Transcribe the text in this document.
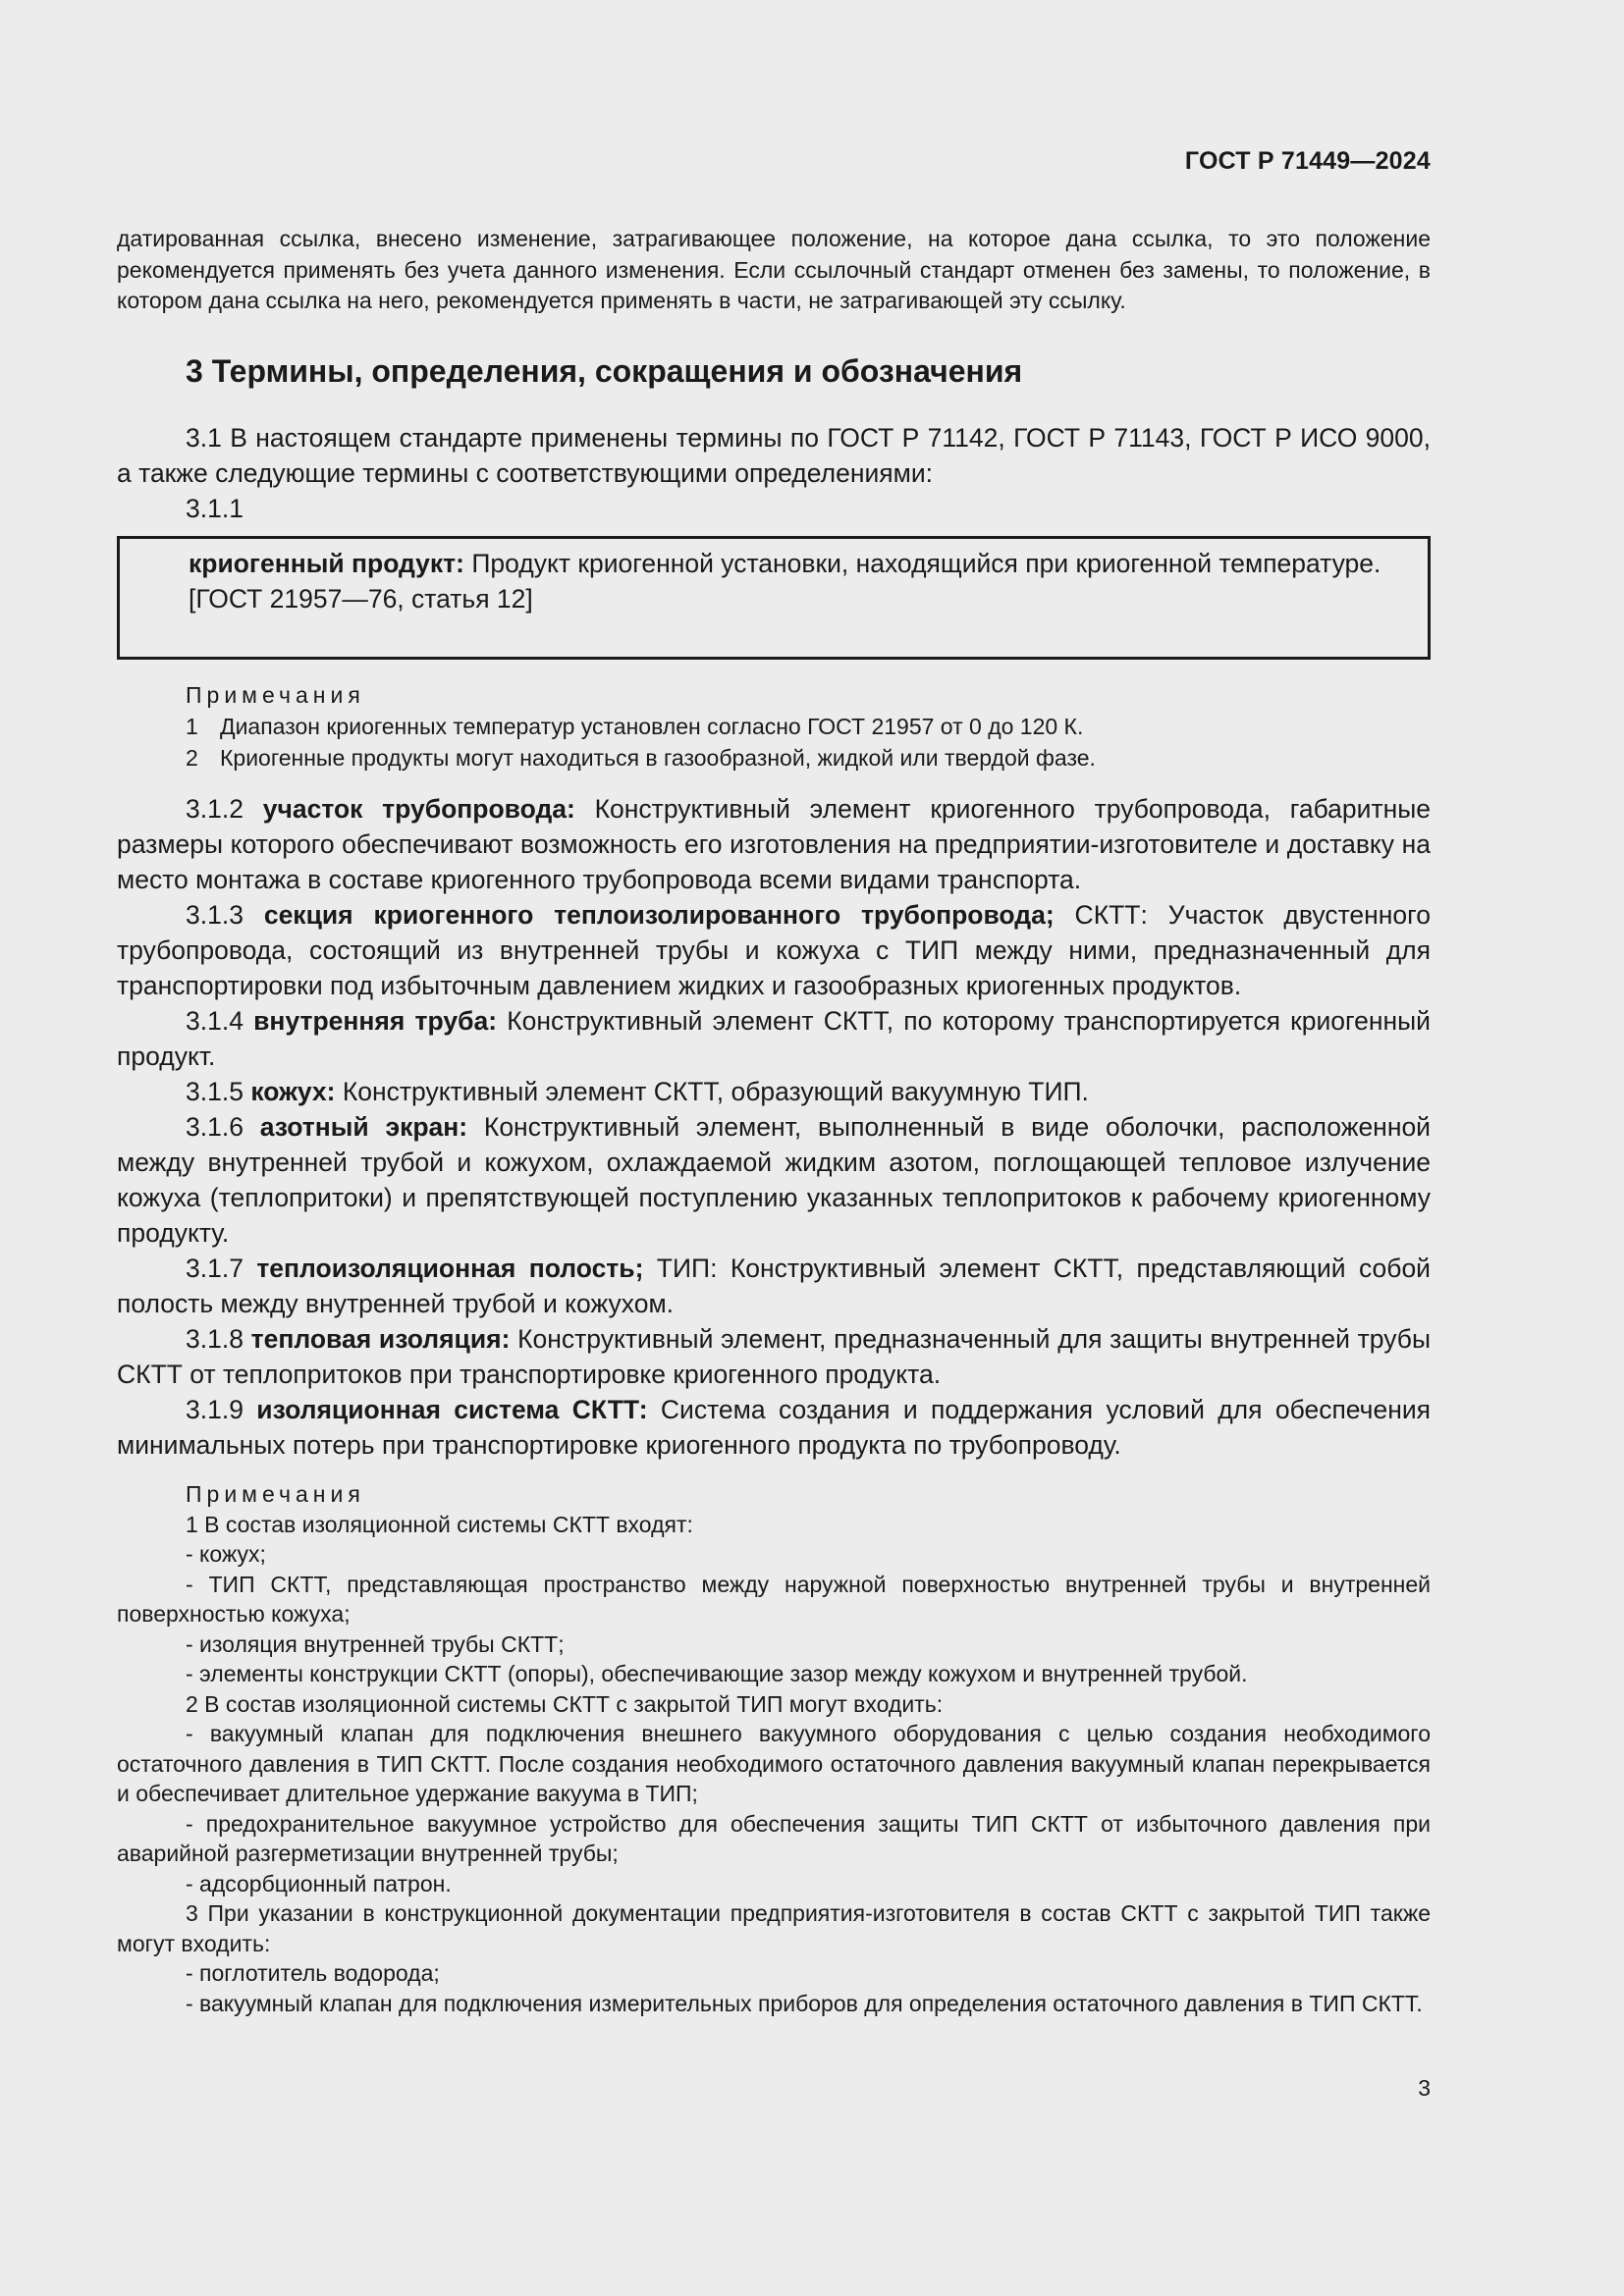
ГОСТ Р 71449—2024
датированная ссылка, внесено изменение, затрагивающее положение, на которое дана ссылка, то это положение рекомендуется применять без учета данного изменения. Если ссылочный стандарт отменен без замены, то положение, в котором дана ссылка на него, рекомендуется применять в части, не затрагивающей эту ссылку.
3 Термины, определения, сокращения и обозначения
3.1 В настоящем стандарте применены термины по ГОСТ Р 71142, ГОСТ Р 71143, ГОСТ Р ИСО 9000, а также следующие термины с соответствующими определениями:
3.1.1
криогенный продукт: Продукт криогенной установки, находящийся при криогенной температуре.
[ГОСТ 21957—76, статья 12]
Примечания
1 Диапазон криогенных температур установлен согласно ГОСТ 21957 от 0 до 120 К.
2 Криогенные продукты могут находиться в газообразной, жидкой или твердой фазе.
3.1.2 участок трубопровода: Конструктивный элемент криогенного трубопровода, габаритные размеры которого обеспечивают возможность его изготовления на предприятии-изготовителе и доставку на место монтажа в составе криогенного трубопровода всеми видами транспорта.
3.1.3 секция криогенного теплоизолированного трубопровода; СКТТ: Участок двустенного трубопровода, состоящий из внутренней трубы и кожуха с ТИП между ними, предназначенный для транспортировки под избыточным давлением жидких и газообразных криогенных продуктов.
3.1.4 внутренняя труба: Конструктивный элемент СКТТ, по которому транспортируется криогенный продукт.
3.1.5 кожух: Конструктивный элемент СКТТ, образующий вакуумную ТИП.
3.1.6 азотный экран: Конструктивный элемент, выполненный в виде оболочки, расположенной между внутренней трубой и кожухом, охлаждаемой жидким азотом, поглощающей тепловое излучение кожуха (теплопритоки) и препятствующей поступлению указанных теплопритоков к рабочему криогенному продукту.
3.1.7 теплоизоляционная полость; ТИП: Конструктивный элемент СКТТ, представляющий собой полость между внутренней трубой и кожухом.
3.1.8 тепловая изоляция: Конструктивный элемент, предназначенный для защиты внутренней трубы СКТТ от теплопритоков при транспортировке криогенного продукта.
3.1.9 изоляционная система СКТТ: Система создания и поддержания условий для обеспечения минимальных потерь при транспортировке криогенного продукта по трубопроводу.
Примечания
1 В состав изоляционной системы СКТТ входят:
- кожух;
- ТИП СКТТ, представляющая пространство между наружной поверхностью внутренней трубы и внутренней поверхностью кожуха;
- изоляция внутренней трубы СКТТ;
- элементы конструкции СКТТ (опоры), обеспечивающие зазор между кожухом и внутренней трубой.
2 В состав изоляционной системы СКТТ с закрытой ТИП могут входить:
- вакуумный клапан для подключения внешнего вакуумного оборудования с целью создания необходимого остаточного давления в ТИП СКТТ. После создания необходимого остаточного давления вакуумный клапан перекрывается и обеспечивает длительное удержание вакуума в ТИП;
- предохранительное вакуумное устройство для обеспечения защиты ТИП СКТТ от избыточного давления при аварийной разгерметизации внутренней трубы;
- адсорбционный патрон.
3 При указании в конструкционной документации предприятия-изготовителя в состав СКТТ с закрытой ТИП также могут входить:
- поглотитель водорода;
- вакуумный клапан для подключения измерительных приборов для определения остаточного давления в ТИП СКТТ.
3
